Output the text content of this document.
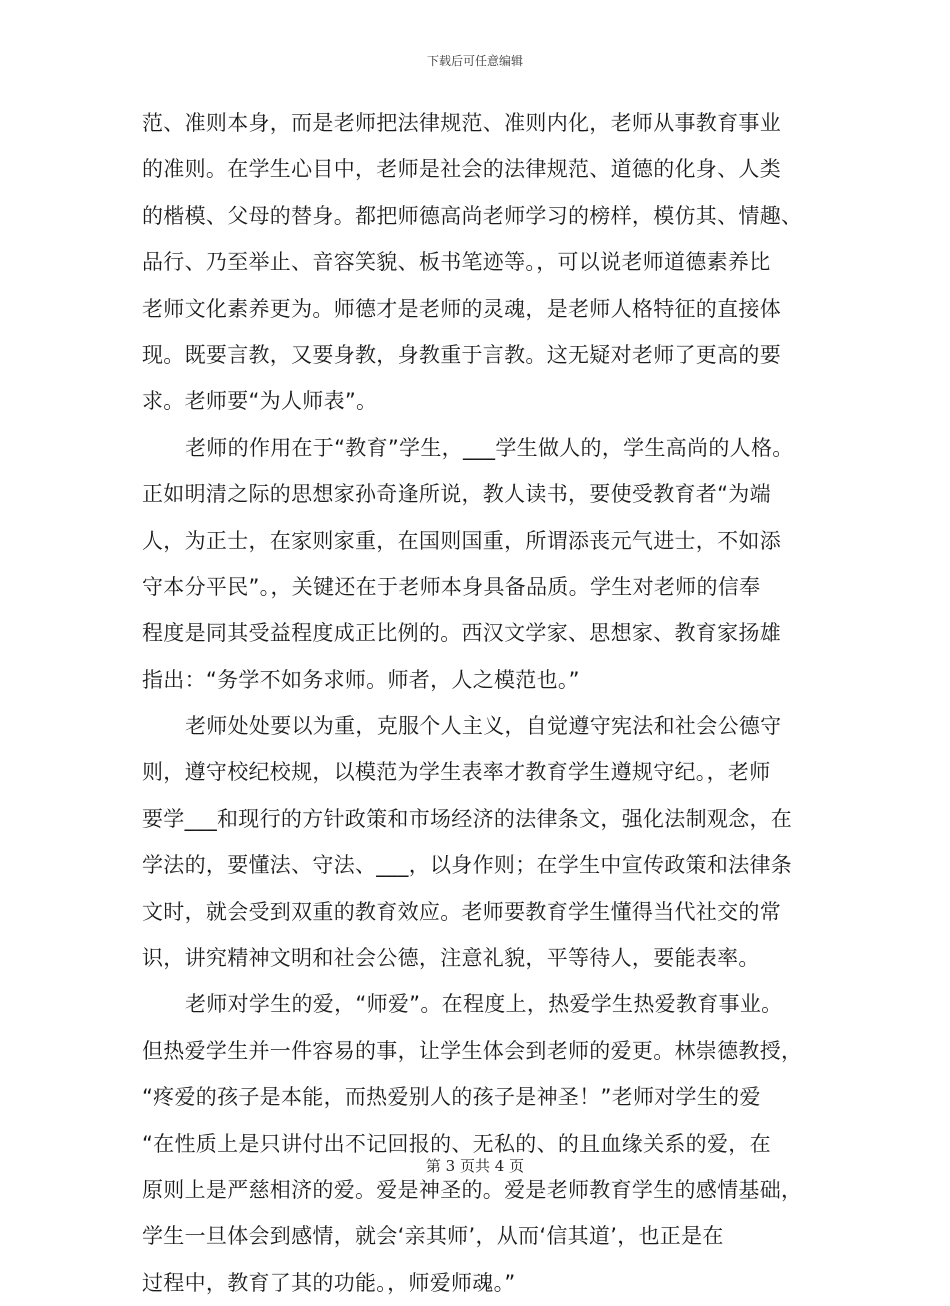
下载后可任意编辑
范、准则本身，而是老师把法律规范、准则内化，老师从事教育事业
的准则。在学生心目中，老师是社会的法律规范、道德的化身、人类
的楷模、父母的替身。都把师德高尚老师学习的榜样，模仿其、情趣、
品行、乃至举止、音容笑貌、板书笔迹等。，可以说老师道德素养比
老师文化素养更为。师德才是老师的灵魂，是老师人格特征的直接体
现。既要言教，又要身教，身教重于言教。这无疑对老师了更高的要
求。老师要“为人师表”。
老师的作用在于“教育”学生，___学生做人的，学生高尚的人格。
正如明清之际的思想家孙奇逢所说，教人读书，要使受教育者“为端
人，为正士，在家则家重，在国则国重，所谓添丧元气进士，不如添
守本分平民”。，关键还在于老师本身具备品质。学生对老师的信奉
程度是同其受益程度成正比例的。西汉文学家、思想家、教育家扬雄
指出：“务学不如务求师。师者，人之模范也。”
老师处处要以为重，克服个人主义，自觉遵守宪法和社会公德守
则，遵守校纪校规，以模范为学生表率才教育学生遵规守纪。，老师
要学___和现行的方针政策和市场经济的法律条文，强化法制观念，在
学法的，要懂法、守法、___，以身作则；在学生中宣传政策和法律条
文时，就会受到双重的教育效应。老师要教育学生懂得当代社交的常
识，讲究精神文明和社会公德，注意礼貌，平等待人，要能表率。
老师对学生的爱，“师爱”。在程度上，热爱学生热爱教育事业。
但热爱学生并一件容易的事，让学生体会到老师的爱更。林崇德教授，
“疼爱的孩子是本能，而热爱别人的孩子是神圣！”老师对学生的爱
“在性质上是只讲付出不记回报的、无私的、的且血缘关系的爱，在
原则上是严慈相济的爱。爱是神圣的。爱是老师教育学生的感情基础，
学生一旦体会到感情，就会‘亲其师’，从而‘信其道’，也正是在
过程中，教育了其的功能。，师爱师魂。”
第 3 页共 4 页
